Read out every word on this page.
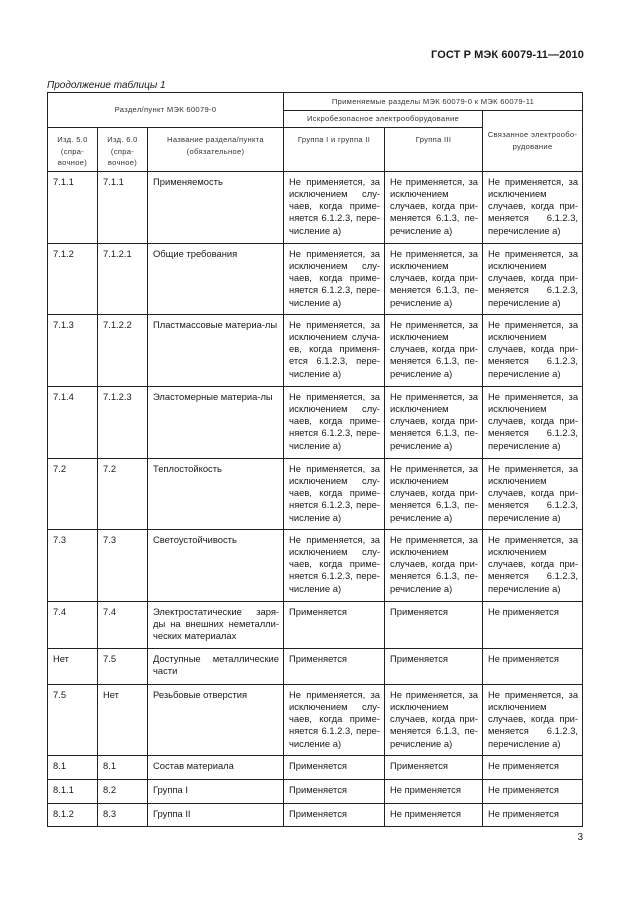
ГОСТ Р МЭК 60079-11—2010
Продолжение таблицы 1
Раздел/пункт МЭК 60079-0			Применяемые разделы МЭК 60079-0 к МЭК 60079-11		
			Искробезопасное электрооборудование		Связанное электрообо-рудование
Изд. 5.0 (спра-вочное)	Изд. 6.0 (спра-вочное)	Название раздела/пункта (обязательное)	Группа I и группа II	Группа III	
7.1.1	7.1.1	Применяемость	Не применяется, за исключением слу-чаев, когда приме-няется 6.1.2.3, пере-числение а)	Не применяется, за исключением случаев, когда при-меняется 6.1.3, пе-речисление а)	Не применяется, за исключением случаев, когда при-меняется 6.1.2.3, перечисление а)
7.1.2	7.1.2.1	Общие требования	Не применяется, за исключением слу-чаев, когда приме-няется 6.1.2.3, пере-числение а)	Не применяется, за исключением случаев, когда при-меняется 6.1.3, пе-речисление а)	Не применяется, за исключением случаев, когда при-меняется 6.1.2.3, перечисление а)
7.1.3	7.1.2.2	Пластмассовые материа-лы	Не применяется, за исключением случа-ев, когда применя-ется 6.1.2.3, пере-числение а)	Не применяется, за исключением случаев, когда при-меняется 6.1.3, пе-речисление а)	Не применяется, за исключением случаев, когда при-меняется 6.1.2.3, перечисление а)
7.1.4	7.1.2.3	Эластомерные материа-лы	Не применяется, за исключением слу-чаев, когда приме-няется 6.1.2.3, пере-числение а)	Не применяется, за исключением случаев, когда при-меняется 6.1.3, пе-речисление а)	Не применяется, за исключением случаев, когда при-меняется 6.1.2.3, перечисление а)
7.2	7.2	Теплостойкость	Не применяется, за исключением слу-чаев, когда приме-няется 6.1.2.3, пере-числение а)	Не применяется, за исключением случаев, когда при-меняется 6.1.3, пе-речисление а)	Не применяется, за исключением случаев, когда при-меняется 6.1.2.3, перечисление а)
7.3	7.3	Светоустойчивость	Не применяется, за исключением слу-чаев, когда приме-няется 6.1.2.3, пере-числение а)	Не применяется, за исключением случаев, когда при-меняется 6.1.3, пе-речисление а)	Не применяется, за исключением случаев, когда при-меняется 6.1.2.3, перечисление а)
7.4	7.4	Электростатические заря-ды на внешних неметалли-ческих материалах	Применяется	Применяется	Не применяется
Нет	7.5	Доступные металлические части	Применяется	Применяется	Не применяется
7.5	Нет	Резьбовые отверстия	Не применяется, за исключением слу-чаев, когда приме-няется 6.1.2.3, пере-числение а)	Не применяется, за исключением случаев, когда при-меняется 6.1.3, пе-речисление а)	Не применяется, за исключением случаев, когда при-меняется 6.1.2.3, перечисление а)
8.1	8.1	Состав материала	Применяется	Применяется	Не применяется
8.1.1	8.2	Группа I	Применяется	Не применяется	Не применяется
8.1.2	8.3	Группа II	Применяется	Не применяется	Не применяется
3
